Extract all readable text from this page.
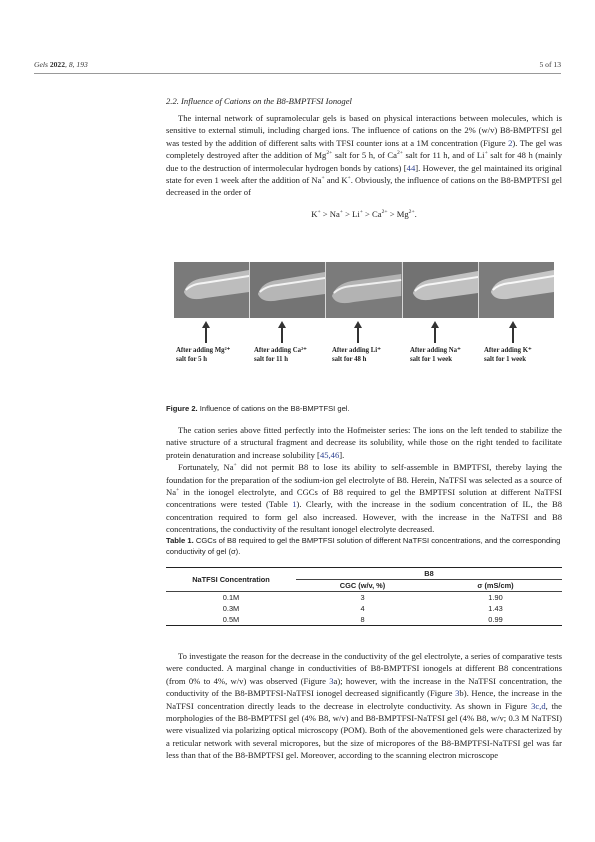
Gels 2022, 8, 193	5 of 13
2.2. Influence of Cations on the B8-BMPTFSI Ionogel

The internal network of supramolecular gels is based on physical interactions between molecules, which is sensitive to external stimuli, including charged ions. The influence of cations on the 2% (w/v) B8-BMPTFSI gel was tested by the addition of different salts with TFSI counter ions at a 1M concentration (Figure 2). The gel was completely destroyed after the addition of $Mg^{2+}$ salt for 5 h, of $Ca^{2+}$ salt for 11 h, and of Li+ salt for 48 h (mainly due to the destruction of intermolecular hydrogen bonds by cations) [44]. However, the gel maintained its original state for even 1 week after the addition of Na+ and K+. Obviously, the influence of cations on the B8-BMPTFSI gel decreased in the order of

$K^+ > Na^+ > Li^+ > Ca^{2+} > Mg^{2+}$.
After adding Mg²⁺
salt for 5 h
After adding Ca²⁺
salt for 11 h
After adding Li⁺
salt for 48 h
After adding Na⁺
salt for 1 week
After adding K⁺
salt for 1 week
Figure 2. Influence of cations on the B8-BMPTFSI gel.

The cation series above fitted perfectly into the Hofmeister series: The ions on the left tended to stabilize the native structure of a structural fragment and decrease its solubility, while those on the right tended to facilitate protein denaturation and increase solubility [45,46].

Fortunately, Na+ did not permit B8 to lose its ability to self-assemble in BMPTFSI, thereby laying the foundation for the preparation of the sodium-ion gel electrolyte of B8. Herein, NaTFSI was selected as a source of Na+ in the ionogel electrolyte, and CGCs of B8 required to gel the BMPTFSI solution at different NaTFSI concentrations were tested (Table 1). Clearly, with the increase in the sodium concentration of IL, the B8 concentration required to form gel also increased. However, with the increase in the NaTFSI and B8 concentrations, the conductivity of the resultant ionogel electrolyte decreased.

Table 1. CGCs of B8 required to gel the BMPTFSI solution of different NaTFSI concentrations, and the corresponding conductivity of gel (σ).
NaTFSI Concentration	B8	
	CGC (w/v, %)	σ (mS/cm)
0.1M	3	1.90
0.3M	4	1.43
0.5M	8	0.99

To investigate the reason for the decrease in the conductivity of the gel electrolyte, a series of comparative tests were conducted. A marginal change in conductivities of B8-BMPTFSI ionogels at different B8 concentrations (from 0% to 4%, w/v) was observed (Figure 3a); however, with the increase in the NaTFSI concentration, the conductivity of the B8-BMPTFSI-NaTFSI ionogel decreased significantly (Figure 3b). Hence, the increase in the NaTFSI concentration directly leads to the decrease in electrolyte conductivity. As shown in Figure 3c,d, the morphologies of the B8-BMPTFSI gel (4% B8, w/v) and B8-BMPTFSI-NaTFSI gel (4% B8, w/v; 0.3 M NaTFSI) were visualized via polarizing optical microscopy (POM). Both of the abovementioned gels were characterized by a reticular network with several micropores, but the size of micropores of the B8-BMPTFSI-NaTFSI gel was far less than that of the B8-BMPTFSI gel. Moreover, according to the scanning electron microscope
